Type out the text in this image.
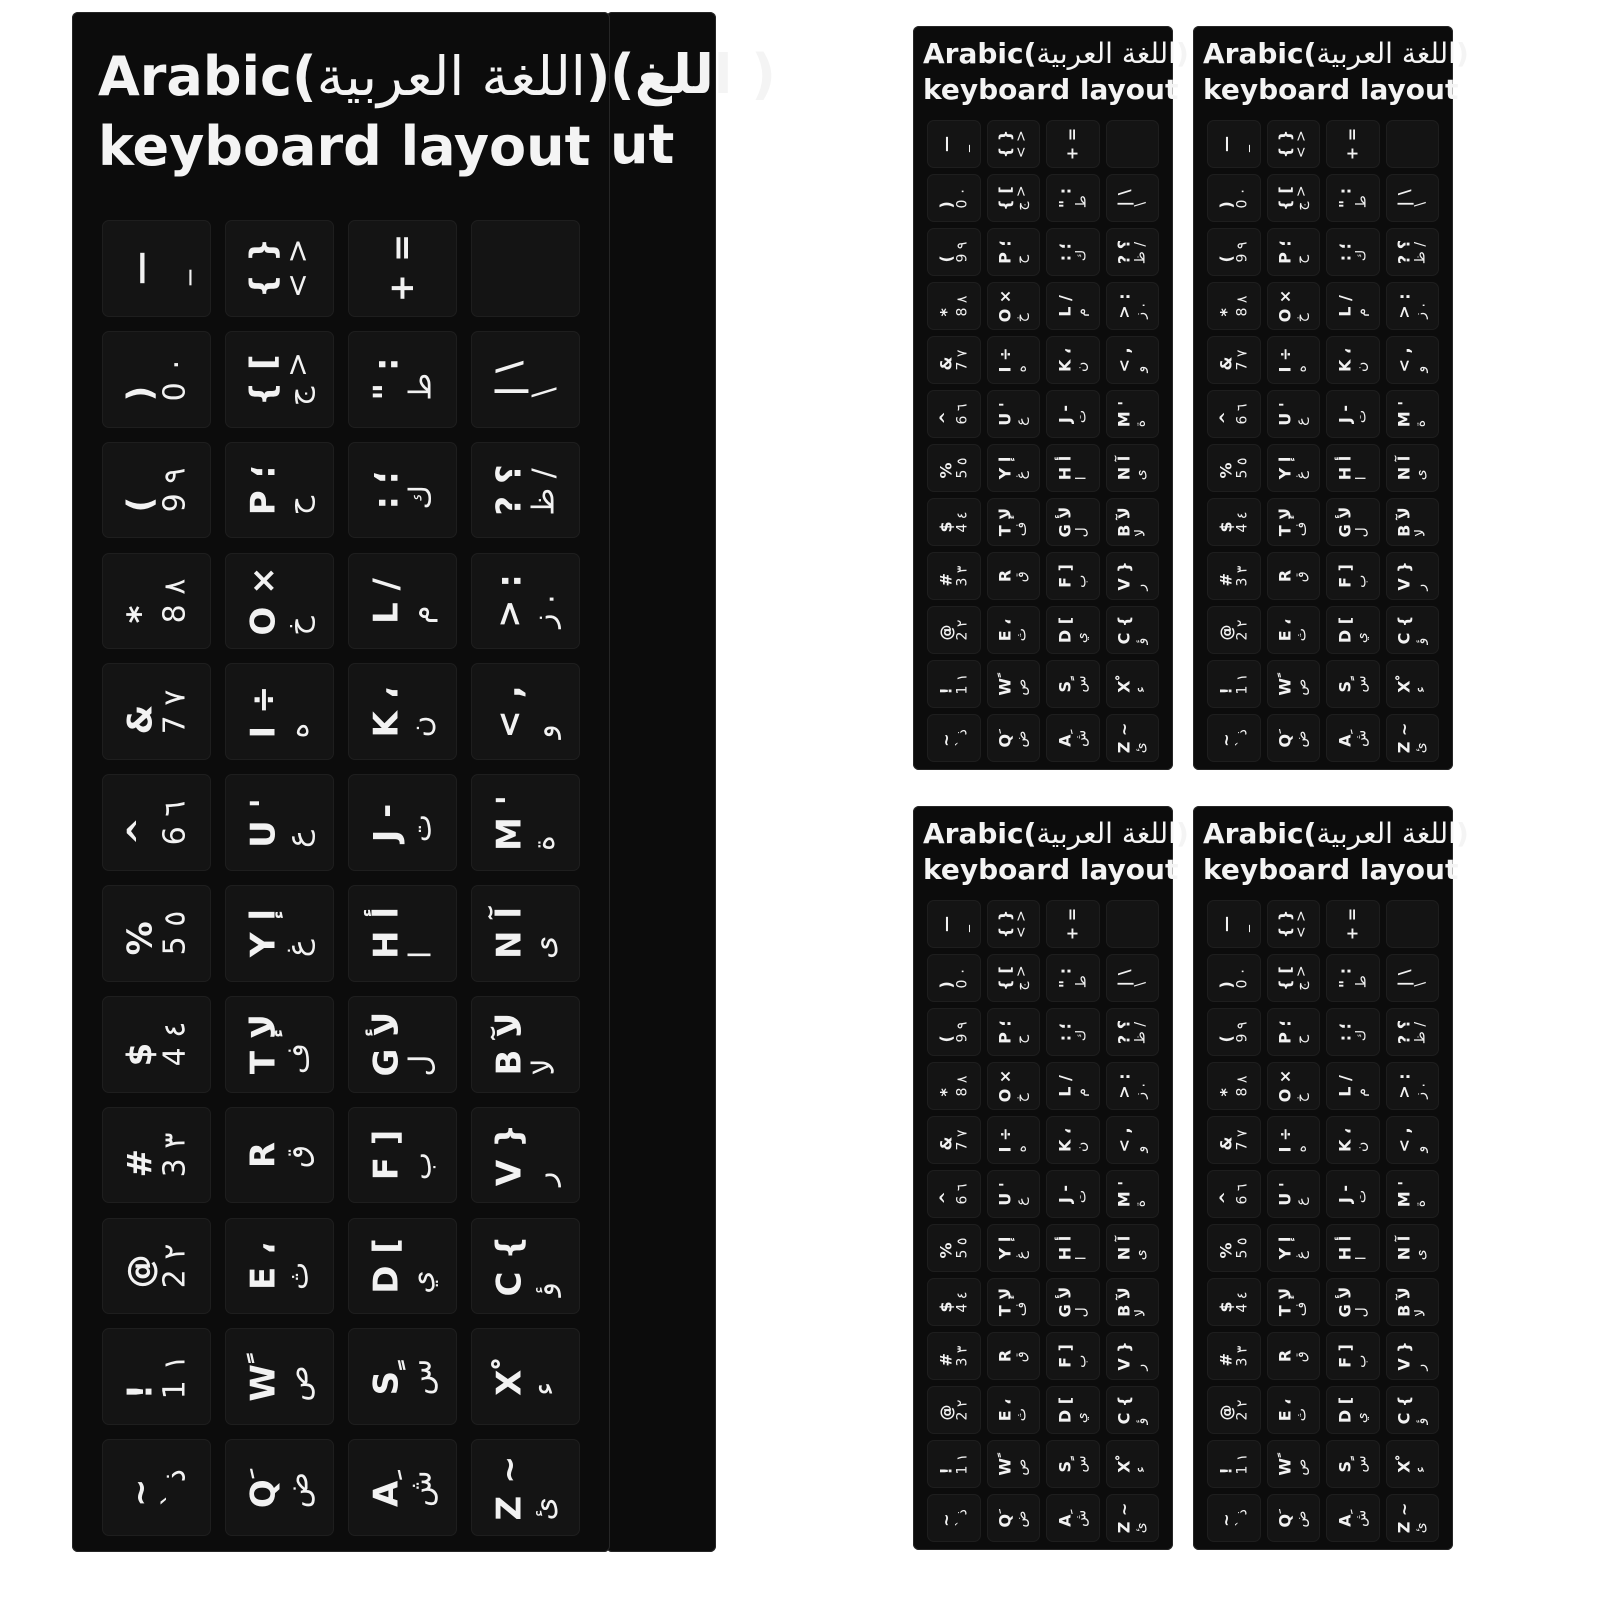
(اللغ )
ut
Arabic(اللغة العربية)
keyboard layout
—
_
)
0 ٠
(
9 ٩
*
8 ٨
&
7 ٧
^
6 ٦
%
5 ٥
$
4 ٤
#
3 ٣
@
2 ٢
!
1 ١
~
` ذ
{ }
< >
{ [
ج >
P ؛
ح
O ×
خ
I ÷
ه
U '
ع
Y إ
غ
T لإ
ف
R
ق
E ،
ث
W ً
ص
Q َ
ض
+ =
" :
ط
: ؛
ك
L /
م
K ،
ن
J -
ت
H أ
ا
G لأ
ل
F ]
ب
D [
ي
S ٍ
س
A ِ
ش
| \
\
? ؟
ظ /
> :
ز .
< ,
و
M '
ة
N آ
ى
B لآ
لا
V }
ر
C {
ؤ
X ْ
ء
Z ~
ئ
Arabic(اللغة العربية)
keyboard layout
—
_
)
0 ٠
(
9 ٩
*
8 ٨
&
7 ٧
^
6 ٦
%
5 ٥
$
4 ٤
#
3 ٣
@
2 ٢
!
1 ١
~
` ذ
{ }
< >
{ [
ج >
P ؛
ح
O ×
خ
I ÷
ه
U '
ع
Y إ
غ
T لإ
ف
R
ق
E ،
ث
W ً
ص
Q َ
ض
+ =
" :
ط
: ؛
ك
L /
م
K ،
ن
J -
ت
H أ
ا
G لأ
ل
F ]
ب
D [
ي
S ٍ
س
A ِ
ش
| \
\
? ؟
ظ /
> :
ز .
< ,
و
M '
ة
N آ
ى
B لآ
لا
V }
ر
C {
ؤ
X ْ
ء
Z ~
ئ
Arabic(اللغة العربية)
keyboard layout
—
_
)
0 ٠
(
9 ٩
*
8 ٨
&
7 ٧
^
6 ٦
%
5 ٥
$
4 ٤
#
3 ٣
@
2 ٢
!
1 ١
~
` ذ
{ }
< >
{ [
ج >
P ؛
ح
O ×
خ
I ÷
ه
U '
ع
Y إ
غ
T لإ
ف
R
ق
E ،
ث
W ً
ص
Q َ
ض
+ =
" :
ط
: ؛
ك
L /
م
K ،
ن
J -
ت
H أ
ا
G لأ
ل
F ]
ب
D [
ي
S ٍ
س
A ِ
ش
| \
\
? ؟
ظ /
> :
ز .
< ,
و
M '
ة
N آ
ى
B لآ
لا
V }
ر
C {
ؤ
X ْ
ء
Z ~
ئ
Arabic(اللغة العربية)
keyboard layout
—
_
)
0 ٠
(
9 ٩
*
8 ٨
&
7 ٧
^
6 ٦
%
5 ٥
$
4 ٤
#
3 ٣
@
2 ٢
!
1 ١
~
` ذ
{ }
< >
{ [
ج >
P ؛
ح
O ×
خ
I ÷
ه
U '
ع
Y إ
غ
T لإ
ف
R
ق
E ،
ث
W ً
ص
Q َ
ض
+ =
" :
ط
: ؛
ك
L /
م
K ،
ن
J -
ت
H أ
ا
G لأ
ل
F ]
ب
D [
ي
S ٍ
س
A ِ
ش
| \
\
? ؟
ظ /
> :
ز .
< ,
و
M '
ة
N آ
ى
B لآ
لا
V }
ر
C {
ؤ
X ْ
ء
Z ~
ئ
Arabic(اللغة العربية)
keyboard layout
—
_
)
0 ٠
(
9 ٩
*
8 ٨
&
7 ٧
^
6 ٦
%
5 ٥
$
4 ٤
#
3 ٣
@
2 ٢
!
1 ١
~
` ذ
{ }
< >
{ [
ج >
P ؛
ح
O ×
خ
I ÷
ه
U '
ع
Y إ
غ
T لإ
ف
R
ق
E ،
ث
W ً
ص
Q َ
ض
+ =
" :
ط
: ؛
ك
L /
م
K ،
ن
J -
ت
H أ
ا
G لأ
ل
F ]
ب
D [
ي
S ٍ
س
A ِ
ش
| \
\
? ؟
ظ /
> :
ز .
< ,
و
M '
ة
N آ
ى
B لآ
لا
V }
ر
C {
ؤ
X ْ
ء
Z ~
ئ
